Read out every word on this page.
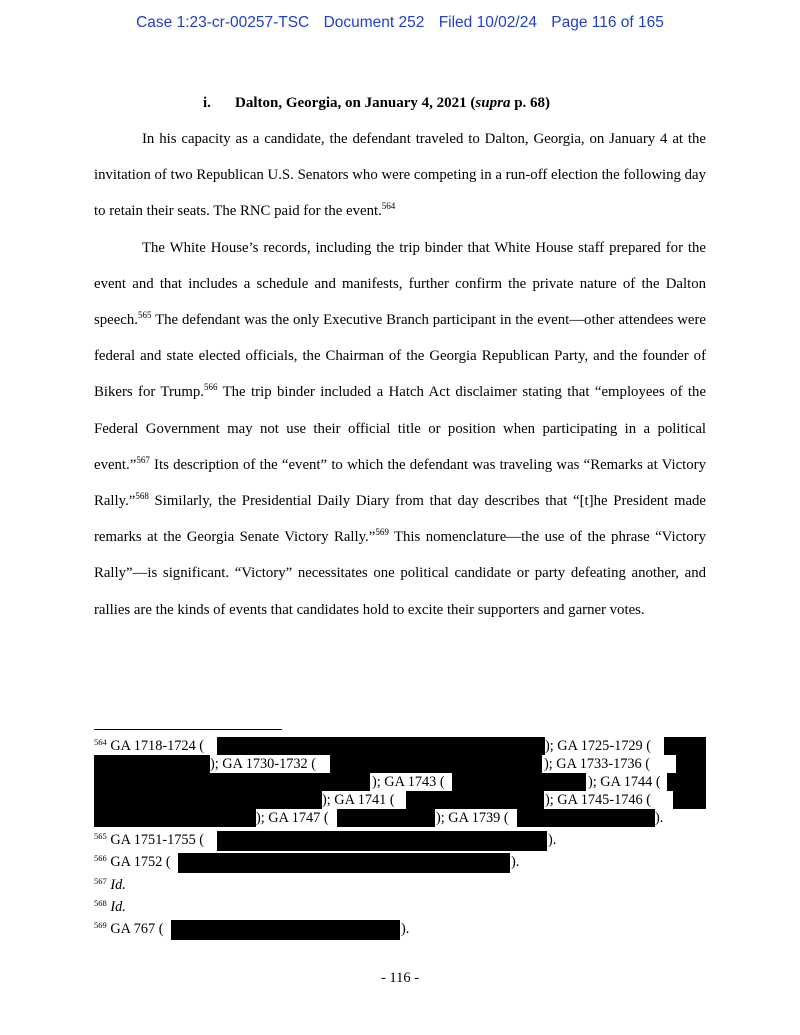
Case 1:23-cr-00257-TSC Document 252 Filed 10/02/24 Page 116 of 165
i. Dalton, Georgia, on January 4, 2021 (supra p. 68)

In his capacity as a candidate, the defendant traveled to Dalton, Georgia, on January 4 at the invitation of two Republican U.S. Senators who were competing in a run-off election the following day to retain their seats. The RNC paid for the event.$^{564}$

The White House’s records, including the trip binder that White House staff prepared for the event and that includes a schedule and manifests, further confirm the private nature of the Dalton speech.$^{565}$ The defendant was the only Executive Branch participant in the event—other attendees were federal and state elected officials, the Chairman of the Georgia Republican Party, and the founder of Bikers for Trump.$^{566}$ The trip binder included a Hatch Act disclaimer stating that “employees of the Federal Government may not use their official title or position when participating in a political event.”$^{567}$ Its description of the “event” to which the defendant was traveling was “Remarks at Victory Rally.”$^{568}$ Similarly, the Presidential Daily Diary from that day describes that “[t]he President made remarks at the Georgia Senate Victory Rally.”$^{569}$ This nomenclature—the use of the phrase “Victory Rally”—is significant. “Victory” necessitates one political candidate or party defeating another, and rallies are the kinds of events that candidates hold to excite their supporters and garner votes.

$^{564}$ GA 1718-1724 (	); GA 1725-1729 (
); GA 1730-1732 (	); GA 1733-1736 (
); GA 1743 (	); GA 1744 (
); GA 1741 (	); GA 1745-1746 (
); GA 1747 (	); GA 1739 (	).
$^{565}$ GA 1751-1755 (	).
$^{566}$ GA 1752 (	).
$^{567}$ Id.
$^{568}$ Id.
$^{569}$ GA 767 (	).
- 116 -
